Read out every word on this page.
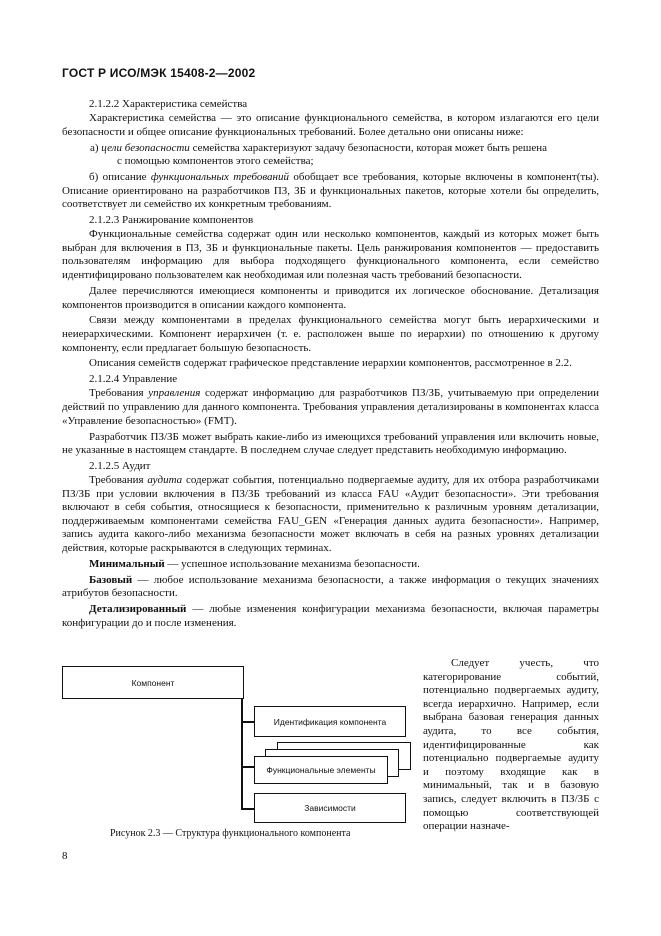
ГОСТ Р ИСО/МЭК 15408-2—2002

2.1.2.2 Характеристика семейства

Характеристика семейства — это описание функционального семейства, в котором излагаются его цели безопасности и общее описание функциональных требований. Более детально они описаны ниже:

а) цели безопасности семейства характеризуют задачу безопасности, которая может быть решена
с помощью компонентов этого семейства;

б) описание функциональных требований обобщает все требования, которые включены в компонент(ты). Описание ориентировано на разработчиков ПЗ, ЗБ и функциональных пакетов, которые хотели бы определить, соответствует ли семейство их конкретным требованиям.

2.1.2.3 Ранжирование компонентов

Функциональные семейства содержат один или несколько компонентов, каждый из которых может быть выбран для включения в ПЗ, ЗБ и функциональные пакеты. Цель ранжирования компонентов — предоставить пользователям информацию для выбора подходящего функционального компонента, если семейство идентифицировано пользователем как необходимая или полезная часть требований безопасности.

Далее перечисляются имеющиеся компоненты и приводится их логическое обоснование. Детализация компонентов производится в описании каждого компонента.

Связи между компонентами в пределах функционального семейства могут быть иерархическими и неиерархическими. Компонент иерархичен (т. е. расположен выше по иерархии) по отношению к другому компоненту, если предлагает большую безопасность.

Описания семейств содержат графическое представление иерархии компонентов, рассмотренное в 2.2.

2.1.2.4 Управление

Требования управления содержат информацию для разработчиков ПЗ/ЗБ, учитываемую при определении действий по управлению для данного компонента. Требования управления детализированы в компонентах класса «Управление безопасностью» (FMT).

Разработчик ПЗ/ЗБ может выбрать какие-либо из имеющихся требований управления или включить новые, не указанные в настоящем стандарте. В последнем случае следует представить необходимую информацию.

2.1.2.5 Аудит

Требования аудита содержат события, потенциально подвергаемые аудиту, для их отбора разработчиками ПЗ/ЗБ при условии включения в ПЗ/ЗБ требований из класса FAU «Аудит безопасности». Эти требования включают в себя события, относящиеся к безопасности, применительно к различным уровням детализации, поддерживаемым компонентами семейства FAU_GEN «Генерация данных аудита безопасности». Например, запись аудита какого-либо механизма безопасности может включать в себя на разных уровнях детализации действия, которые раскрываются в следующих терминах.

Минимальный — успешное использование механизма безопасности.

Базовый — любое использование механизма безопасности, а также информация о текущих значениях атрибутов безопасности.

Детализированный — любые изменения конфигурации механизма безопасности, включая параметры конфигурации до и после изменения.

Компонент
Идентификация компонента
Функциональные элементы
Зависимости
Рисунок 2.3 — Структура функционального компонента

Следует учесть, что категорирование событий, потенциально подвергаемых аудиту, всегда иерархично. Например, если выбрана базовая генерация данных аудита, то все события, идентифицированные как потенциально подвергаемые аудиту и поэтому входящие как в минимальный, так и в базовую запись, следует включить в ПЗ/ЗБ с помощью соответствующей операции назначе-

8
